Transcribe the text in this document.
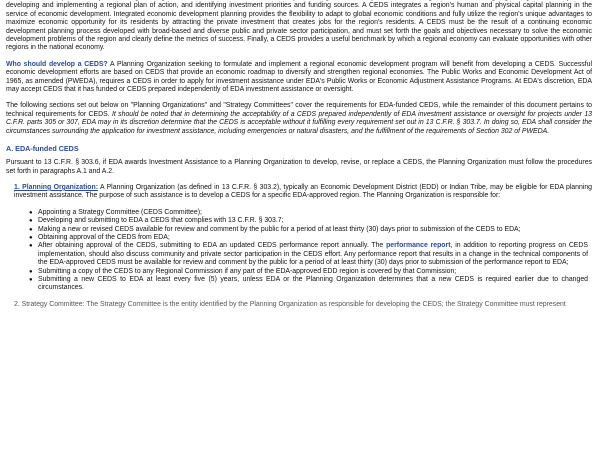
developing and implementing a regional plan of action, and identifying investment priorities and funding sources. A CEDS integrates a region's human and physical capital planning in the service of economic development. Integrated economic development planning provides the flexibility to adapt to global economic conditions and fully utilize the region's unique advantages to maximize economic opportunity for its residents by attracting the private investment that creates jobs for the region's residents. A CEDS must be the result of a continuing economic development planning process developed with broad-based and diverse public and private sector participation, and must set forth the goals and objectives necessary to solve the economic development problems of the region and clearly define the metrics of success. Finally, a CEDS provides a useful benchmark by which a regional economy can evaluate opportunities with other regions in the national economy.

Who should develop a CEDS? A Planning Organization seeking to formulate and implement a regional economic development program will benefit from developing a CEDS. Successful economic development efforts are based on CEDS that provide an economic roadmap to diversify and strengthen regional economies. The Public Works and Economic Development Act of 1965, as amended (PWEDA), requires a CEDS in order to apply for investment assistance under EDA's Public Works or Economic Adjustment Assistance Programs. At EDA's discretion, EDA may accept CEDS that it has funded or CEDS prepared independently of EDA investment assistance or oversight.

The following sections set out below on "Planning Organizations" and "Strategy Committees" cover the requirements for EDA-funded CEDS, while the remainder of this document pertains to technical requirements for CEDS. It should be noted that in determining the acceptability of a CEDS prepared independently of EDA investment assistance or oversight for projects under 13 C.F.R. parts 305 or 307, EDA may in its discretion determine that the CEDS is acceptable without it fulfilling every requirement set out in 13 C.F.R. § 303.7. In doing so, EDA shall consider the circumstances surrounding the application for investment assistance, including emergencies or natural disasters, and the fulfillment of the requirements of Section 302 of PWEDA.

A. EDA-funded CEDS

Pursuant to 13 C.F.R. § 303.6, if EDA awards Investment Assistance to a Planning Organization to develop, revise, or replace a CEDS, the Planning Organization must follow the procedures set forth in paragraphs A.1 and A.2.

1. Planning Organization: A Planning Organization (as defined in 13 C.F.R. § 303.2), typically an Economic Development District (EDD) or Indian Tribe, may be eligible for EDA planning investment assistance. The purpose of such assistance is to develop a CEDS for a specific EDA-approved region. The Planning Organization is responsible for:

● Appointing a Strategy Committee (CEDS Committee);
● Developing and submitting to EDA a CEDS that complies with 13 C.F.R. § 303.7;
● Making a new or revised CEDS available for review and comment by the public for a period of at least thirty (30) days prior to submission of the CEDS to EDA;
● Obtaining approval of the CEDS from EDA;
● After obtaining approval of the CEDS, submitting to EDA an updated CEDS performance report annually. The performance report, in addition to reporting progress on CEDS implementation, should also discuss community and private sector participation in the CEDS effort. Any performance report that results in a change in the technical components of the EDA-approved CEDS must be available for review and comment by the public for a period of at least thirty (30) days prior to submission of the performance report to EDA;
● Submitting a copy of the CEDS to any Regional Commission if any part of the EDA-approved EDD region is covered by that Commission;
● Submitting a new CEDS to EDA at least every five (5) years, unless EDA or the Planning Organization determines that a new CEDS is required earlier due to changed circumstances.

2. Strategy Committee: The Strategy Committee is the entity identified by the Planning Organization as responsible for developing the CEDS; the Strategy Committee must represent
